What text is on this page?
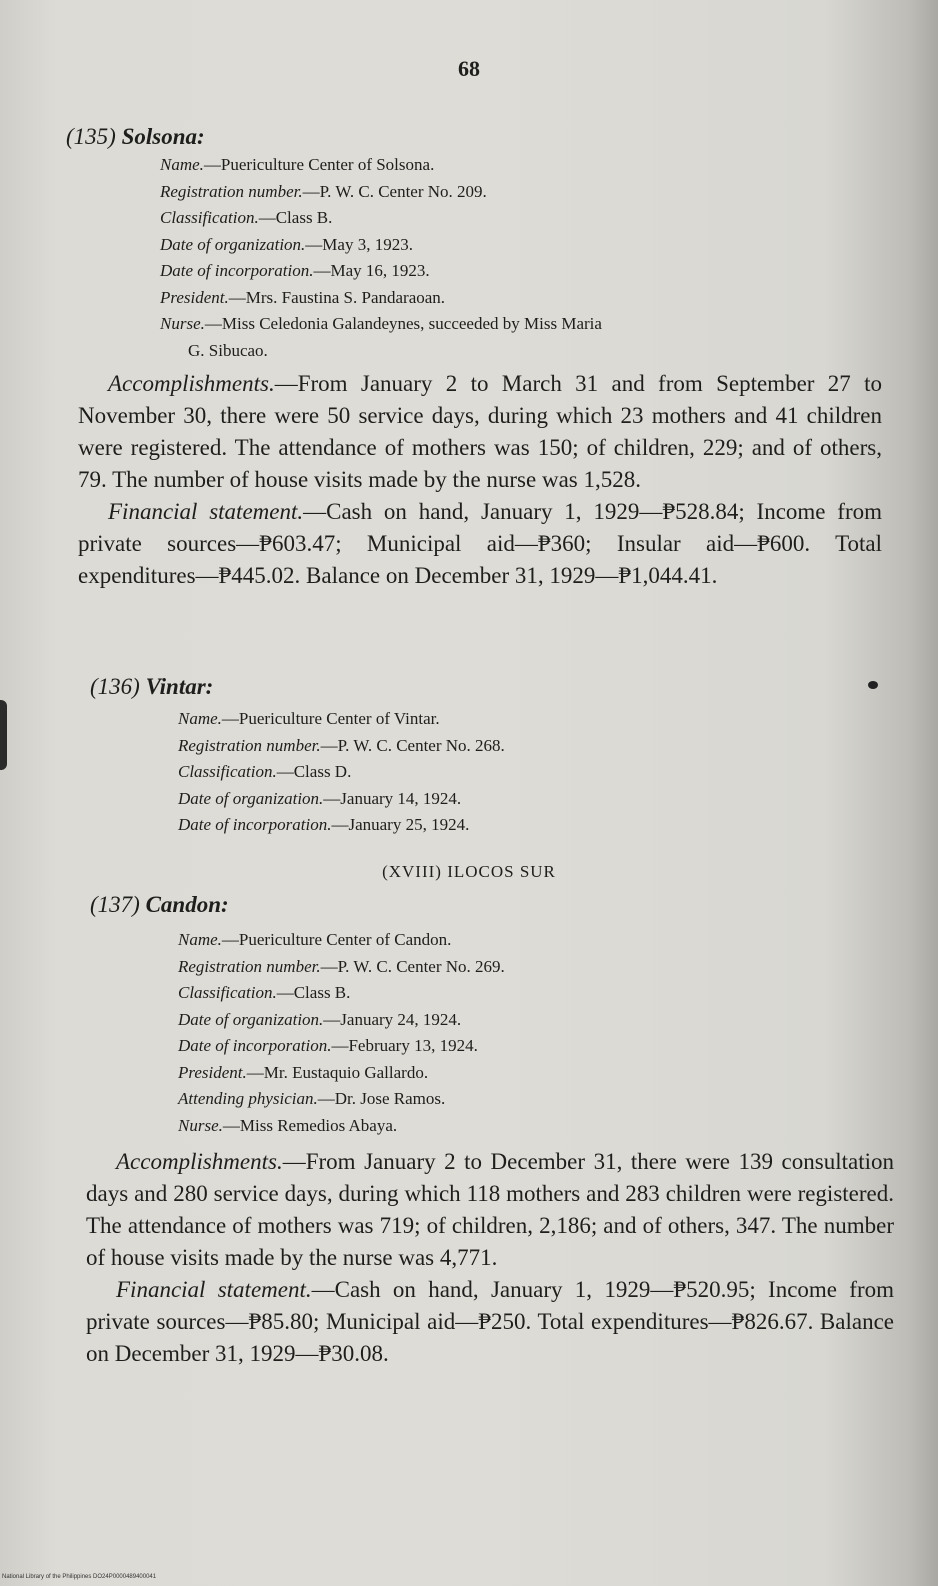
68
(135) Solsona:
Name.—Puericulture Center of Solsona.
Registration number.—P. W. C. Center No. 209.
Classification.—Class B.
Date of organization.—May 3, 1923.
Date of incorporation.—May 16, 1923.
President.—Mrs. Faustina S. Pandaraoan.
Nurse.—Miss Celedonia Galandeynes, succeeded by Miss Maria
G. Sibucao.

Accomplishments.—From January 2 to March 31 and from September 27 to November 30, there were 50 service days, during which 23 mothers and 41 children were registered. The attendance of mothers was 150; of children, 229; and of others, 79. The number of house visits made by the nurse was 1,528.

Financial statement.—Cash on hand, January 1, 1929—₱528.84; Income from private sources—₱603.47; Municipal aid—₱360; Insular aid—₱600. Total expenditures—₱445.02. Balance on December 31, 1929—₱1,044.41.

(136) Vintar:
Name.—Puericulture Center of Vintar.
Registration number.—P. W. C. Center No. 268.
Classification.—Class D.
Date of organization.—January 14, 1924.
Date of incorporation.—January 25, 1924.
(XVIII) ILOCOS SUR
(137) Candon:
Name.—Puericulture Center of Candon.
Registration number.—P. W. C. Center No. 269.
Classification.—Class B.
Date of organization.—January 24, 1924.
Date of incorporation.—February 13, 1924.
President.—Mr. Eustaquio Gallardo.
Attending physician.—Dr. Jose Ramos.
Nurse.—Miss Remedios Abaya.

Accomplishments.—From January 2 to December 31, there were 139 consultation days and 280 service days, during which 118 mothers and 283 children were registered. The attendance of mothers was 719; of children, 2,186; and of others, 347. The number of house visits made by the nurse was 4,771.

Financial statement.—Cash on hand, January 1, 1929—₱520.95; Income from private sources—₱85.80; Municipal aid—₱250. Total expenditures—₱826.67. Balance on December 31, 1929—₱30.08.

National Library of the Philippines DO24P0000489400041
